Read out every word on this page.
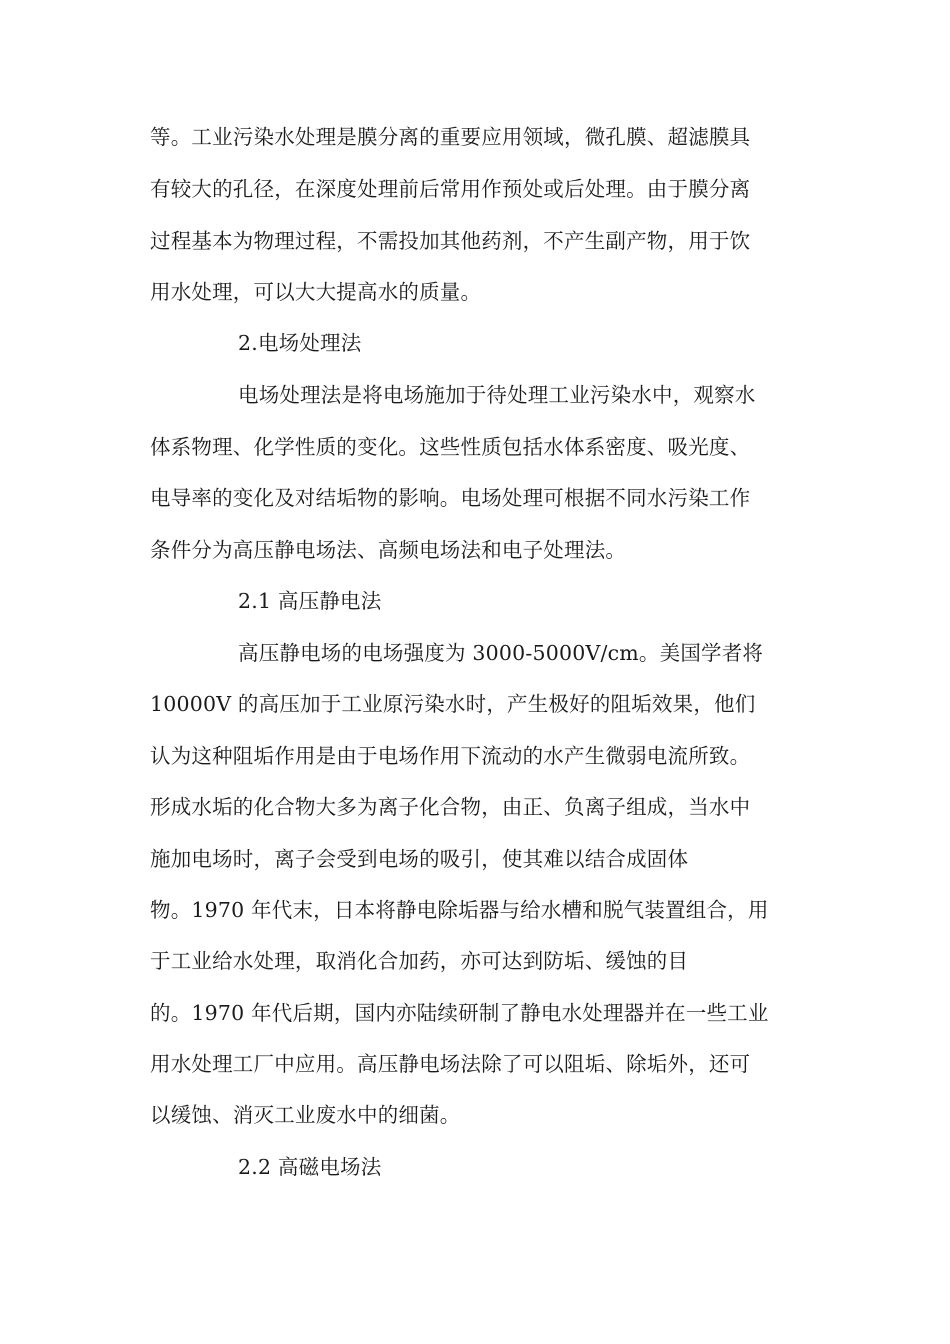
等。工业污染水处理是膜分离的重要应用领域，微孔膜、超滤膜具
有较大的孔径，在深度处理前后常用作预处或后处理。由于膜分离
过程基本为物理过程，不需投加其他药剂，不产生副产物，用于饮
用水处理，可以大大提高水的质量。
2.电场处理法
电场处理法是将电场施加于待处理工业污染水中，观察水
体系物理、化学性质的变化。这些性质包括水体系密度、吸光度、
电导率的变化及对结垢物的影响。电场处理可根据不同水污染工作
条件分为高压静电场法、高频电场法和电子处理法。
2.1 高压静电法
高压静电场的电场强度为 3000-5000V/cm。美国学者将
10000V 的高压加于工业原污染水时，产生极好的阻垢效果，他们
认为这种阻垢作用是由于电场作用下流动的水产生微弱电流所致。
形成水垢的化合物大多为离子化合物，由正、负离子组成，当水中
施加电场时，离子会受到电场的吸引，使其难以结合成固体
物。1970 年代末，日本将静电除垢器与给水槽和脱气装置组合，用
于工业给水处理，取消化合加药，亦可达到防垢、缓蚀的目
的。1970 年代后期，国内亦陆续研制了静电水处理器并在一些工业
用水处理工厂中应用。高压静电场法除了可以阻垢、除垢外，还可
以缓蚀、消灭工业废水中的细菌。
2.2 高磁电场法
